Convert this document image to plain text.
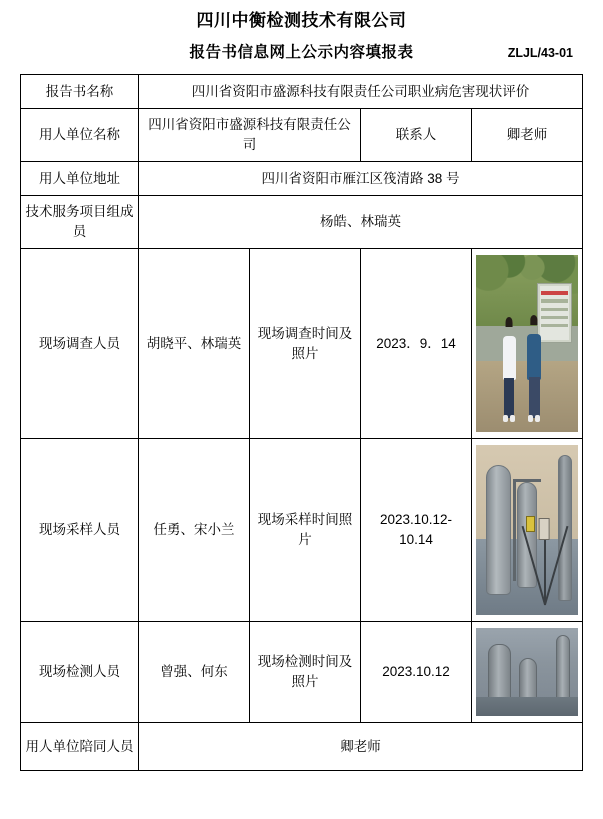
四川中衡检测技术有限公司
报告书信息网上公示内容填报表	ZLJL/43-01
报告书名称	四川省资阳市盛源科技有限责任公司职业病危害现状评价			
用人单位名称	四川省资阳市盛源科技有限责任公司		联系人	卿老师
用人单位地址	四川省资阳市雁江区筏清路 38 号			
技术服务项目组成员	杨皓、林瑞英			
现场调查人员	胡晓平、林瑞英	现场调查时间及照片	2023．9．14	

现场采样人员	任勇、宋小兰	现场采样时间照片	2023.10.12-10.14	

现场检测人员	曾强、何东	现场检测时间及照片	2023.10.12	

用人单位陪同人员	卿老师			
